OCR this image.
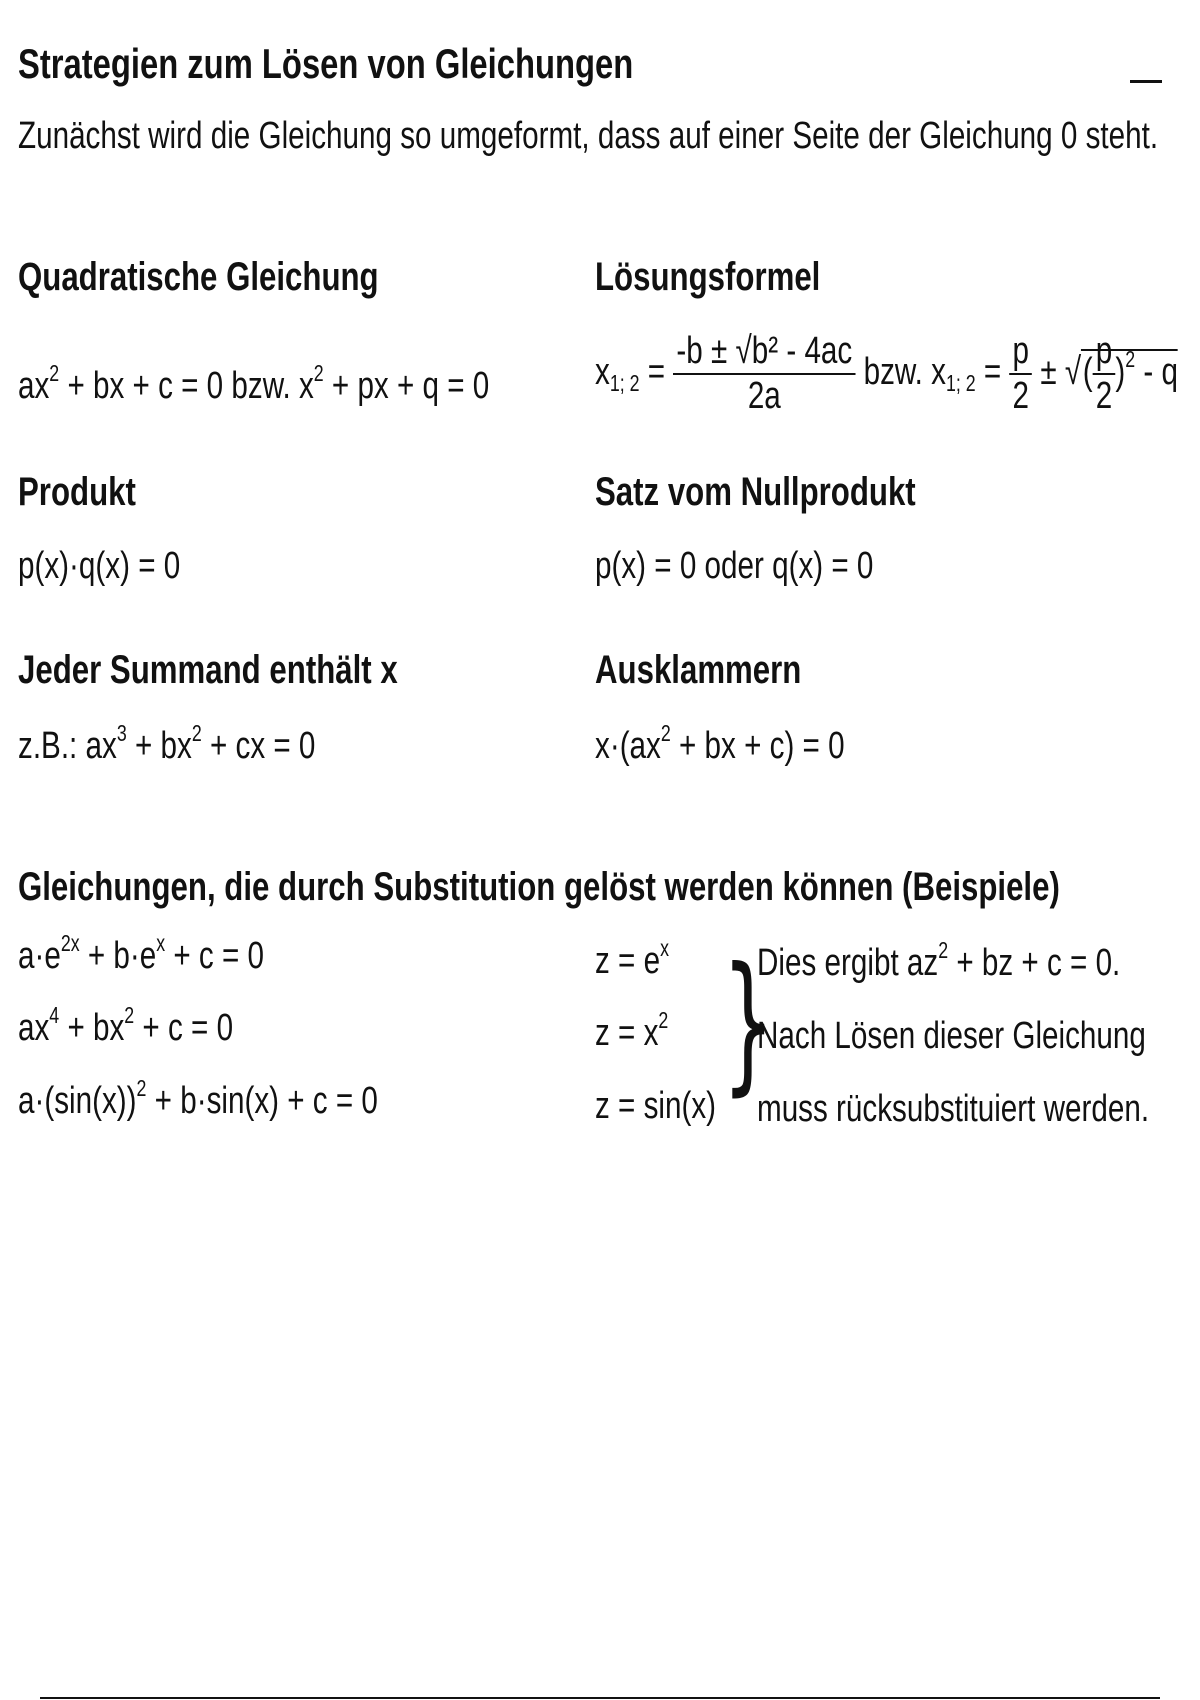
Strategien zum Lösen von Gleichungen
Zunächst wird die Gleichung so umgeformt, dass auf einer Seite der Gleichung 0 steht.
Quadratische Gleichung
$ax^2$ + bx + c = 0 bzw. $x^2$ + px + q = 0
Lösungsformel
$x_{1; 2} = \frac{\text{-b ± √b² - 4ac}}{2a}$ bzw. $x_{1; 2} = \frac{p}{2}$ ± √( $\frac{p}{2} )^2$ - q
Produkt
p(x)·q(x) = 0
Satz vom Nullprodukt
p(x) = 0 oder q(x) = 0
Jeder Summand enthält x
z.B.: $ax^3 + bx^2$ + cx = 0
Ausklammern
$x\cdot(ax^2$ + bx + c) = 0
Gleichungen, die durch Substitution gelöst werden können (Beispiele)
$a\cdot e^{2x} + b\cdot e^x + c = 0$
$ax^4 + bx^2 + c = 0$
$a\cdot(\sin(x))^2 + b\cdot\sin(x) + c = 0$
$z = e^x$
$z = x^2$
z = sin(x) }
Dies ergibt $az^2$ + bz + c = 0.
Nach Lösen dieser Gleichung
muss rücksubstituiert werden.
